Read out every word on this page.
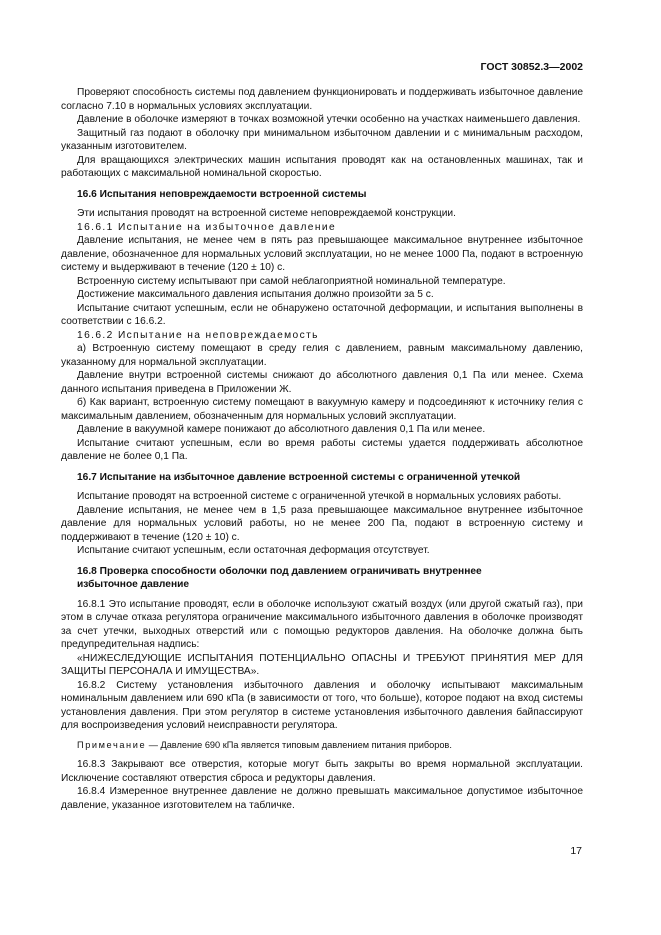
ГОСТ 30852.3—2002

Проверяют способность системы под давлением функционировать и поддерживать избыточное давление согласно 7.10 в нормальных условиях эксплуатации.

Давление в оболочке измеряют в точках возможной утечки особенно на участках наименьшего давления.

Защитный газ подают в оболочку при минимальном избыточном давлении и с минимальным расходом, указанным изготовителем.

Для вращающихся электрических машин испытания проводят как на остановленных машинах, так и работающих с максимальной номинальной скоростью.

16.6 Испытания неповреждаемости встроенной системы

Эти испытания проводят на встроенной системе неповреждаемой конструкции.

16.6.1 Испытание на избыточное давление

Давление испытания, не менее чем в пять раз превышающее максимальное внутреннее избыточное давление, обозначенное для нормальных условий эксплуатации, но не менее 1000 Па, подают в встроенную систему и выдерживают в течение (120 ± 10) с.

Встроенную систему испытывают при самой неблагоприятной номинальной температуре.

Достижение максимального давления испытания должно произойти за 5 с.

Испытание считают успешным, если не обнаружено остаточной деформации, и испытания выполнены в соответствии с 16.6.2.

16.6.2 Испытание на неповреждаемость

а) Встроенную систему помещают в среду гелия с давлением, равным максимальному давлению, указанному для нормальной эксплуатации.

Давление внутри встроенной системы снижают до абсолютного давления 0,1 Па или менее. Схема данного испытания приведена в Приложении Ж.

б) Как вариант, встроенную систему помещают в вакуумную камеру и подсоединяют к источнику гелия с максимальным давлением, обозначенным для нормальных условий эксплуатации.

Давление в вакуумной камере понижают до абсолютного давления 0,1 Па или менее.

Испытание считают успешным, если во время работы системы удается поддерживать абсолютное давление не более 0,1 Па.

16.7 Испытание на избыточное давление встроенной системы с ограниченной утечкой

Испытание проводят на встроенной системе с ограниченной утечкой в нормальных условиях работы.

Давление испытания, не менее чем в 1,5 раза превышающее максимальное внутреннее избыточное давление для нормальных условий работы, но не менее 200 Па, подают в встроенную систему и поддерживают в течение (120 ± 10) с.

Испытание считают успешным, если остаточная деформация отсутствует.

16.8 Проверка способности оболочки под давлением ограничивать внутреннее
избыточное давление

16.8.1 Это испытание проводят, если в оболочке используют сжатый воздух (или другой сжатый газ), при этом в случае отказа регулятора ограничение максимального избыточного давления в оболочке производят за счет утечки, выходных отверстий или с помощью редукторов давления. На оболочке должна быть предупредительная надпись:

«НИЖЕСЛЕДУЮЩИЕ ИСПЫТАНИЯ ПОТЕНЦИАЛЬНО ОПАСНЫ И ТРЕБУЮТ ПРИНЯТИЯ МЕР ДЛЯ ЗАЩИТЫ ПЕРСОНАЛА И ИМУЩЕСТВА».

16.8.2 Систему установления избыточного давления и оболочку испытывают максимальным номинальным давлением или 690 кПа (в зависимости от того, что больше), которое подают на вход системы установления давления. При этом регулятор в системе установления избыточного давления байпассируют для воспроизведения условий неисправности регулятора.

Примечание — Давление 690 кПа является типовым давлением питания приборов.

16.8.3 Закрывают все отверстия, которые могут быть закрыты во время нормальной эксплуатации. Исключение составляют отверстия сброса и редукторы давления.

16.8.4 Измеренное внутреннее давление не должно превышать максимальное допустимое избыточное давление, указанное изготовителем на табличке.

17
